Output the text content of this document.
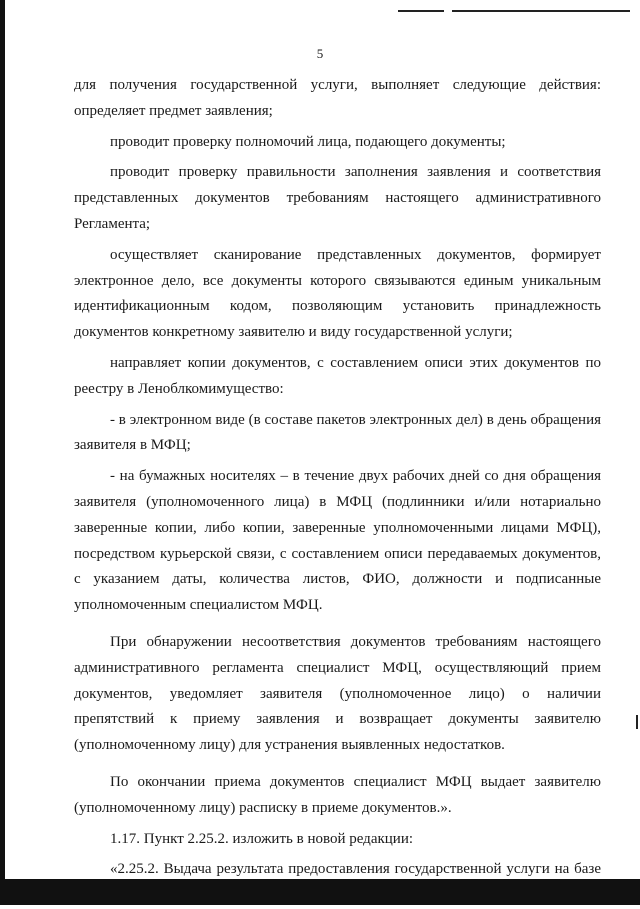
5

для получения государственной услуги, выполняет следующие действия: определяет предмет заявления;

проводит проверку полномочий лица, подающего документы;

проводит проверку правильности заполнения заявления и соответствия представленных документов требованиям настоящего административного Регламента;

осуществляет сканирование представленных документов, формирует электронное дело, все документы которого связываются единым уникальным идентификационным кодом, позволяющим установить принадлежность документов конкретному заявителю и виду государственной услуги;

направляет копии документов, с составлением описи этих документов по реестру в Леноблкомимущество:

- в электронном виде (в составе пакетов электронных дел) в день обращения заявителя в МФЦ;

- на бумажных носителях – в течение двух рабочих дней со дня обращения заявителя (уполномоченного лица) в МФЦ (подлинники и/или нотариально заверенные копии, либо копии, заверенные уполномоченными лицами МФЦ), посредством курьерской связи, с составлением описи передаваемых документов, с указанием даты, количества листов, ФИО, должности и подписанные уполномоченным специалистом МФЦ.

При обнаружении несоответствия документов требованиям настоящего административного регламента специалист МФЦ, осуществляющий прием документов, уведомляет заявителя (уполномоченное лицо) о наличии препятствий к приему заявления и возвращает документы заявителю (уполномоченному лицу) для устранения выявленных недостатков.

По окончании приема документов специалист МФЦ выдает заявителю (уполномоченному лицу) расписку в приеме документов.».

1.17. Пункт 2.25.2. изложить в новой редакции:

«2.25.2. Выдача результата предоставления государственной услуги на базе
